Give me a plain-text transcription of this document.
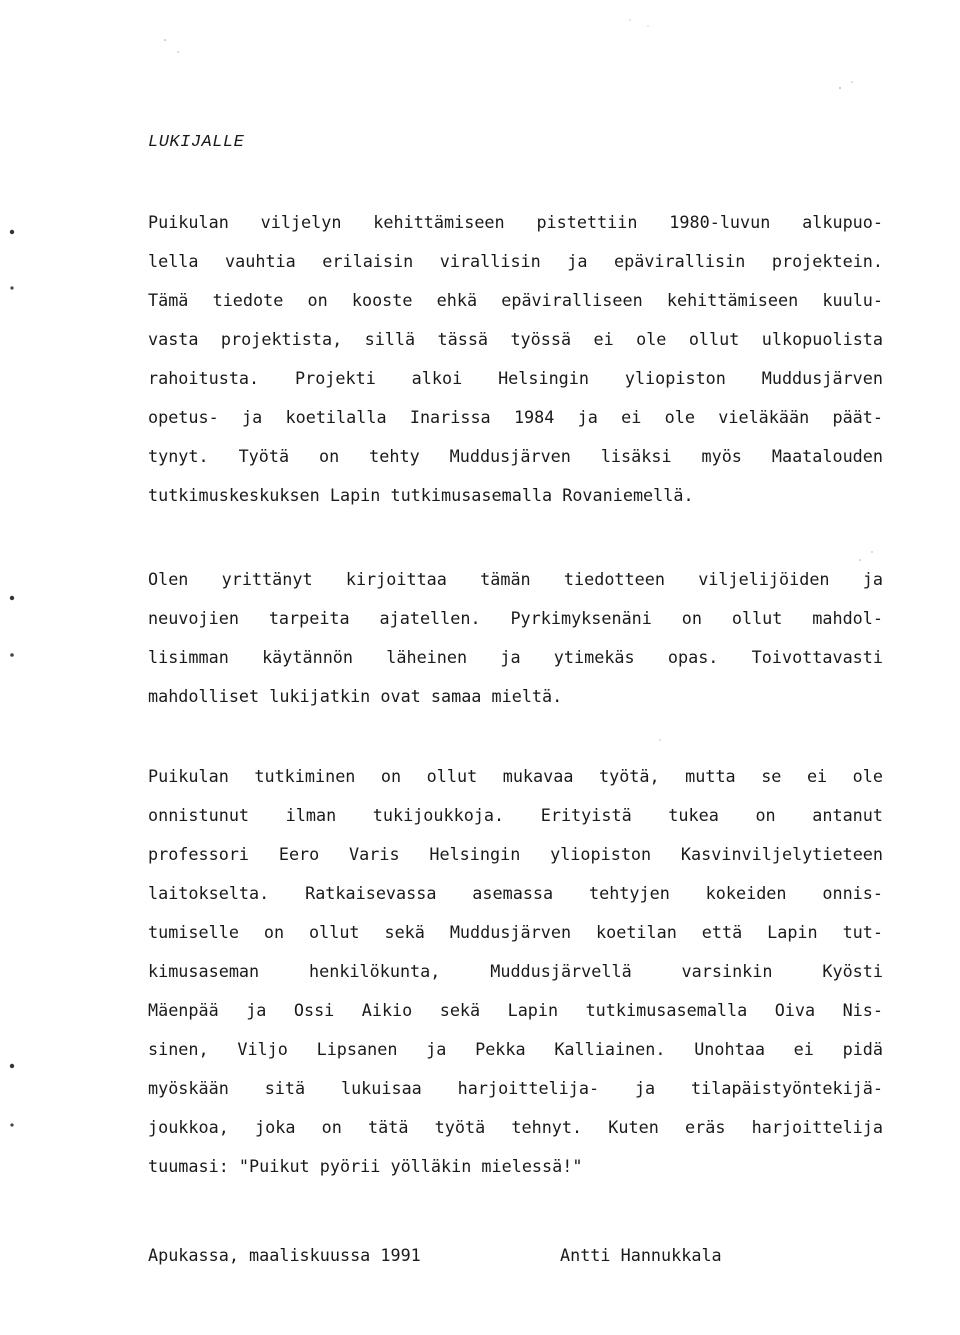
LUKIJALLE
Puikulan viljelyn kehittämiseen pistettiin 1980-luvun alkupuo-
lella vauhtia erilaisin virallisin ja epävirallisin projektein.
Tämä tiedote on kooste ehkä epäviralliseen kehittämiseen kuulu-
vasta projektista, sillä tässä työssä ei ole ollut ulkopuolista
rahoitusta. Projekti alkoi Helsingin yliopiston Muddusjärven
opetus- ja koetilalla Inarissa 1984 ja ei ole vieläkään päät-
tynyt. Työtä on tehty Muddusjärven lisäksi myös Maatalouden
tutkimuskeskuksen Lapin tutkimusasemalla Rovaniemellä.
Olen yrittänyt kirjoittaa tämän tiedotteen viljelijöiden ja
neuvojien tarpeita ajatellen. Pyrkimyksenäni on ollut mahdol-
lisimman käytännön läheinen ja ytimekäs opas. Toivottavasti
mahdolliset lukijatkin ovat samaa mieltä.
Puikulan tutkiminen on ollut mukavaa työtä, mutta se ei ole
onnistunut ilman tukijoukkoja. Erityistä tukea on antanut
professori Eero Varis Helsingin yliopiston Kasvinviljelytieteen
laitokselta. Ratkaisevassa asemassa tehtyjen kokeiden onnis-
tumiselle on ollut sekä Muddusjärven koetilan että Lapin tut-
kimusaseman henkilökunta, Muddusjärvellä varsinkin Kyösti
Mäenpää ja Ossi Aikio sekä Lapin tutkimusasemalla Oiva Nis-
sinen, Viljo Lipsanen ja Pekka Kalliainen. Unohtaa ei pidä
myöskään sitä lukuisaa harjoittelija- ja tilapäistyöntekijä-
joukkoa, joka on tätä työtä tehnyt. Kuten eräs harjoittelija
tuumasi: "Puikut pyörii yölläkin mielessä!"
Apukassa, maaliskuussa 1991	Antti Hannukkala
